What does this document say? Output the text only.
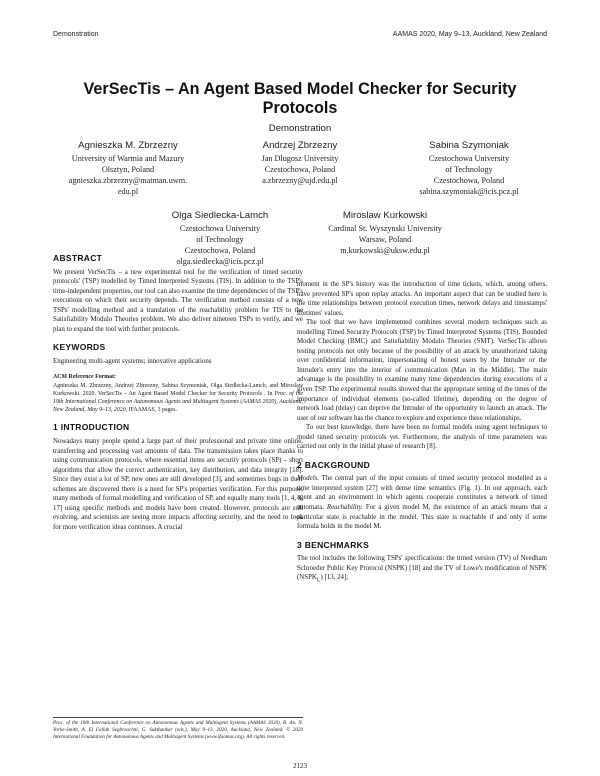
Demonstration	AAMAS 2020, May 9–13, Auckland, New Zealand
VerSecTis – An Agent Based Model Checker for Security Protocols
Demonstration
Agnieszka M. Zbrzezny
University of Warmia and Mazury
Olsztyn, Poland
agnieszka.zbrzezny@matman.uwm.
edu.pl
Andrzej Zbrzezny
Jan Dlugosz University
Czestochowa, Poland
a.zbrzezny@ujd.edu.pl
Sabina Szymoniak
Czestochowa University
of Technology
Czestochowa, Poland
sabina.szymoniak@icis.pcz.pl
Olga Siedlecka-Lamch
Czestochowa University
of Technology
Czestochowa, Poland
olga.siedlecka@icis.pcz.pl
Miroslaw Kurkowski
Cardinal St. Wyszynski University
Warsaw, Poland
m.kurkowski@uksw.edu.pl
ABSTRACT

We present VerSecTis – a new experimental tool for the verification of timed security protocols' (TSP) modelled by Timed Interpreted Systems (TIS). In addition to the TSP's time-independent properties, our tool can also examine the time dependencies of the TSP's executions on which their security depends. The verification method consists of a new TSPs' modelling method and a translation of the reachability problem for TIS to the Satisfiability Modulo Theories problem. We also deliver nineteen TSPs to verify, and we plan to expand the tool with further protocols.

KEYWORDS

Engineering multi-agent systems; innovative applications

ACM Reference Format:
Agnieszka M. Zbrzezny, Andrzej Zbrzezny, Sabina Szymoniak, Olga Siedlecka-Lamch, and Miroslaw Kurkowski. 2020. VerSecTis – An Agent Based Model Checker for Security Protocols . In Proc. of the 19th International Conference on Autonomous Agents and Multiagent Systems (AAMAS 2020), Auckland, New Zealand, May 9–13, 2020, IFAAMAS, 3 pages.

1 INTRODUCTION

Nowadays many people spend a large part of their professional and private time online, transferring and processing vast amounts of data. The transmission takes place thanks to using communication protocols, where essential items are security protocols (SP) – short algorithms that allow the correct authentication, key distribution, and data integrity [18]. Since they exist a lot of SP, new ones are still developed [3], and sometimes bugs in their schemes are discovered there is a need for SP's properties verification. For this purpose, many methods of formal modelling and verification of SP, and equally many tools [1, 4, 9, 17] using specific methods and models have been created. However, protocols are still evolving, and scientists are seeing more impacts affecting security, and the need to look for more verification ideas continues. A crucial

moment in the SP's history was the introduction of time tickets, which, among others, have prevented SP's upon replay attacks. An important aspect that can be studied here is the time relationships between protocol execution times, network delays and timestamps' lifetimes' values.

The tool that we have implemented combines several modern techniques such as modelling Timed Security Protocols (TSP) by Timed Interpreted Systems (TIS), Bounded Model Checking (BMC) and Satisfiability Modulo Theories (SMT). VerSecTis allows testing protocols not only because of the possibility of an attack by unauthorized taking over confidential information, impersonating of honest users by the Intruder or the Intruder's entry into the interior of communication (Man in the Middle). The main advantage is the possibility to examine many time dependencies during executions of a given TSP. The experimental results showed that the appropriate setting of the times of the importance of individual elements (so-called lifetime), depending on the degree of network load (delay) can deprive the Intruder of the opportunity to launch an attack. The user of our software has the chance to explore and experience these relationships.

To our best knowledge, there have been no formal models using agent techniques to model timed security protocols yet. Furthermore, the analysis of time parameters was carried out only in the initial phase of research [8].

2 BACKGROUND

Models. The central part of the input consists of timed security protocol modelled as a time interpreted system [27] with dense time semantics (Fig. 1). In our approach, each agent and an environment in which agents cooperate constitutes a network of timed automata. Reachability. For a given model M, the existence of an attack means that a particular state is reachable in the model. This state is reachable if and only if some formula holds in the model M.

3 BENCHMARKS

The tool includes the following TSPs' specifications: the timed version (TV) of Needham Schroeder Public Key Protocol (NSPK) [18] and the TV of Lowe's modification of NSPK $(NSPK_L)$ [13, 24];

Proc. of the 19th International Conference on Autonomous Agents and Multiagent Systems (AAMAS 2020), B. An, N. Yorke-Smith, A. El Fallah Seghrouchni, G. Sukthankar (eds.), May 9–13, 2020, Auckland, New Zealand. © 2020 International Foundation for Autonomous Agents and Multiagent Systems (www.ifaamas.org). All rights reserved.
2123
